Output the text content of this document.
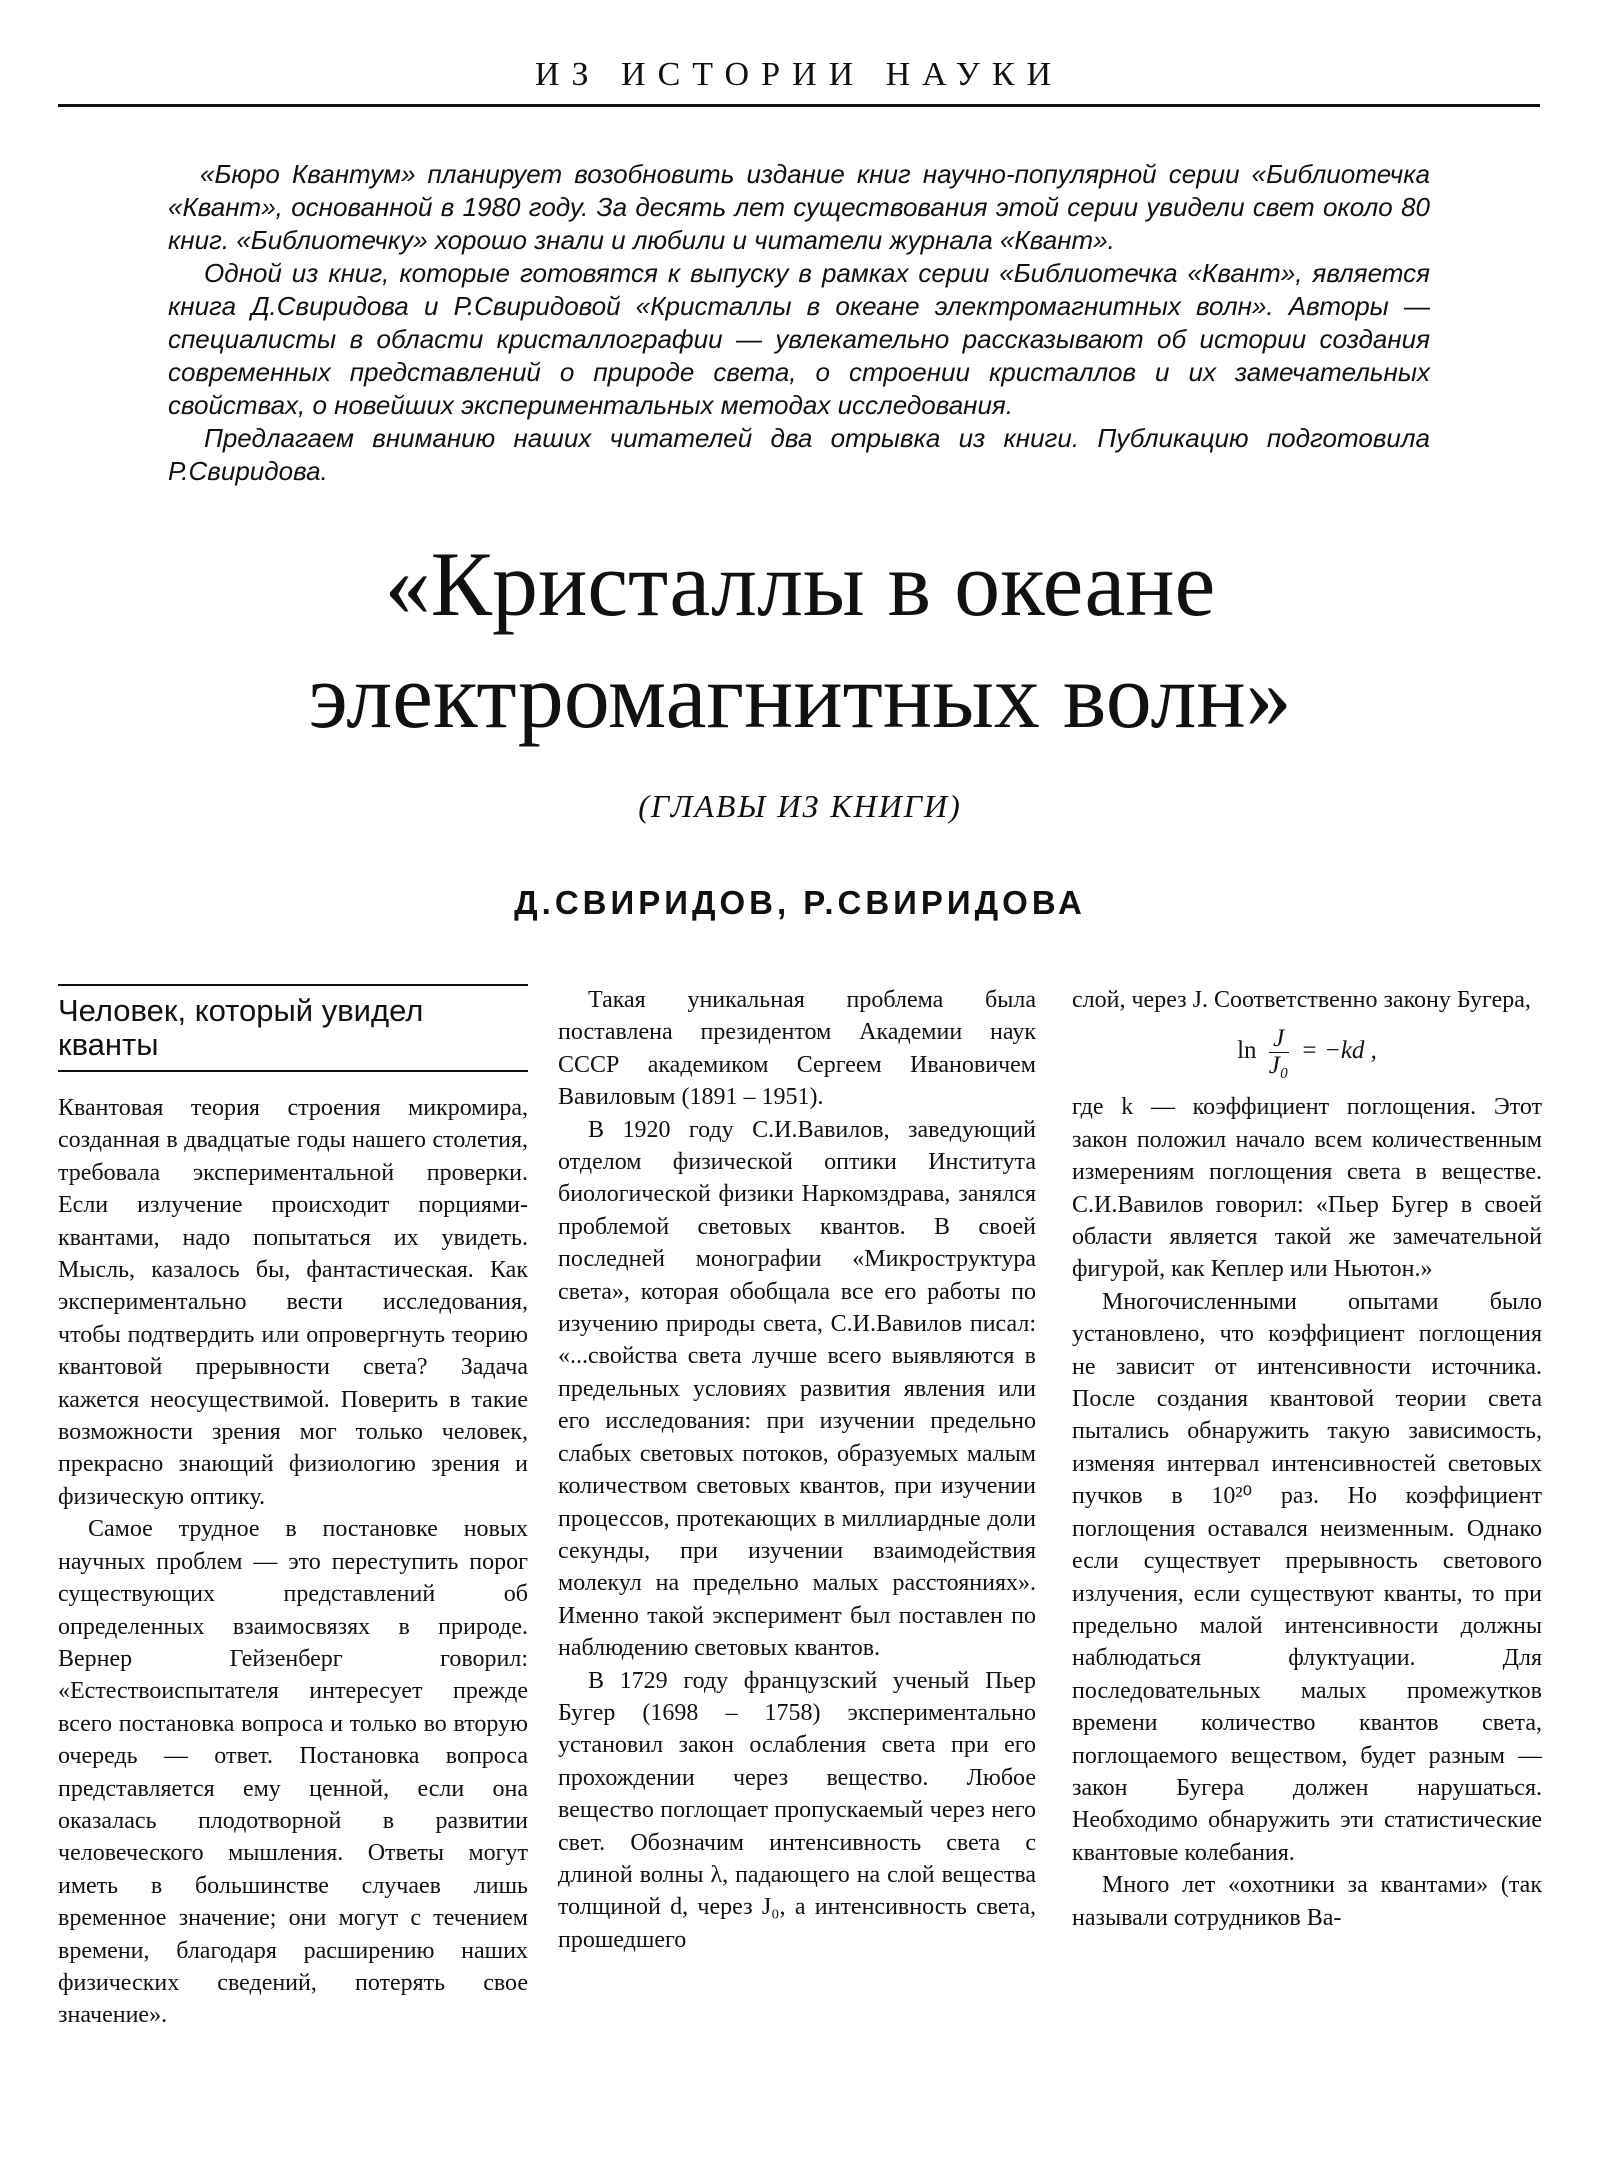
ИЗ ИСТОРИИ НАУКИ

«Бюро Квантум» планирует возобновить издание книг научно-популярной серии «Библиотечка «Квант», основанной в 1980 году. За десять лет существования этой серии увидели свет около 80 книг. «Библиотечку» хорошо знали и любили и читатели журнала «Квант».

Одной из книг, которые готовятся к выпуску в рамках серии «Библиотечка «Квант», является книга Д.Свиридова и Р.Свиридовой «Кристаллы в океане электромагнитных волн». Авторы — специалисты в области кристаллографии — увлекательно рассказывают об истории создания современных представлений о природе света, о строении кристаллов и их замечательных свойствах, о новейших экспериментальных методах исследования.

Предлагаем вниманию наших читателей два отрывка из книги. Публикацию подготовила Р.Свиридова.

«Кристаллы в океане
электромагнитных волн»
(ГЛАВЫ ИЗ КНИГИ)
Д.СВИРИДОВ, Р.СВИРИДОВА
Человек, который увидел кванты

Квантовая теория строения микромира, созданная в двадцатые годы нашего столетия, требовала экспериментальной проверки. Если излучение происходит порциями-квантами, надо попытаться их увидеть. Мысль, казалось бы, фантастическая. Как экспериментально вести исследования, чтобы подтвердить или опровергнуть теорию квантовой прерывности света? Задача кажется неосуществимой. Поверить в такие возможности зрения мог только человек, прекрасно знающий физиологию зрения и физическую оптику.

Самое трудное в постановке новых научных проблем — это переступить порог существующих представлений об определенных взаимосвязях в природе. Вернер Гейзенберг говорил: «Естествоиспытателя интересует прежде всего постановка вопроса и только во вторую очередь — ответ. Постановка вопроса представляется ему ценной, если она оказалась плодотворной в развитии человеческого мышления. Ответы могут иметь в большинстве случаев лишь временное значение; они могут с течением времени, благодаря расширению наших физических сведений, потерять свое значение».

Такая уникальная проблема была поставлена президентом Академии наук СССР академиком Сергеем Ивановичем Вавиловым (1891 – 1951).

В 1920 году С.И.Вавилов, заведующий отделом физической оптики Института биологической физики Наркомздрава, занялся проблемой световых квантов. В своей последней монографии «Микроструктура света», которая обобщала все его работы по изучению природы света, С.И.Вавилов писал: «...свойства света лучше всего выявляются в предельных условиях развития явления или его исследования: при изучении предельно слабых световых потоков, образуемых малым количеством световых квантов, при изучении процессов, протекающих в миллиардные доли секунды, при изучении взаимодействия молекул на предельно малых расстояниях». Именно такой эксперимент был поставлен по наблюдению световых квантов.

В 1729 году французский ученый Пьер Бугер (1698 – 1758) экспериментально установил закон ослабления света при его прохождении через вещество. Любое вещество поглощает пропускаемый через него свет. Обозначим интенсивность света с длиной волны λ, падающего на слой вещества толщиной d, через J₀, а интенсивность света, прошедшего

слой, через J. Соответственно закону Бугера,

$\ln \frac{J}{\text{J₀}} = -kd$ ,

где k — коэффициент поглощения. Этот закон положил начало всем количественным измерениям поглощения света в веществе. С.И.Вавилов говорил: «Пьер Бугер в своей области является такой же замечательной фигурой, как Кеплер или Ньютон.»

Многочисленными опытами было установлено, что коэффициент поглощения не зависит от интенсивности источника. После создания квантовой теории света пытались обнаружить такую зависимость, изменяя интервал интенсивностей световых пучков в 10²⁰ раз. Но коэффициент поглощения оставался неизменным. Однако если существует прерывность светового излучения, если существуют кванты, то при предельно малой интенсивности должны наблюдаться флуктуации. Для последовательных малых промежутков времени количество квантов света, поглощаемого веществом, будет разным — закон Бугера должен нарушаться. Необходимо обнаружить эти статистические квантовые колебания.

Много лет «охотники за квантами» (так называли сотрудников Ва-
